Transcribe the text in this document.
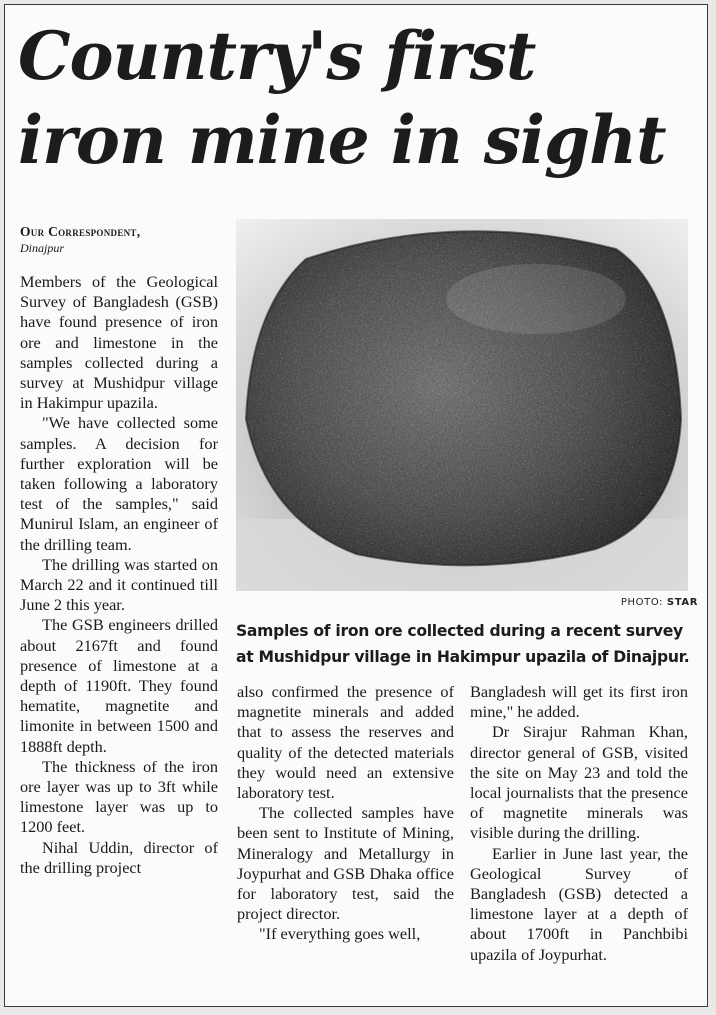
Country's first iron mine in sight
Our Correspondent,
Dinajpur

Members of the Geological Survey of Bangladesh (GSB) have found presence of iron ore and limestone in the samples collected during a survey at Mushidpur village in Hakimpur upazila.

"We have collected some samples. A decision for further exploration will be taken following a laboratory test of the samples," said Munirul Islam, an engineer of the drilling team.

The drilling was started on March 22 and it continued till June 2 this year.

The GSB engineers drilled about 2167ft and found presence of limestone at a depth of 1190ft. They found hematite, magnetite and limonite in between 1500 and 1888ft depth.

The thickness of the iron ore layer was up to 3ft while limestone layer was up to 1200 feet.

Nihal Uddin, director of the drilling project

PHOTO: STAR
Samples of iron ore collected during a recent survey at Mushidpur village in Hakimpur upazila of Dinajpur.

also confirmed the presence of magnetite minerals and added that to assess the reserves and quality of the detected materials they would need an extensive laboratory test.

The collected samples have been sent to Institute of Mining, Mineralogy and Metallurgy in Joypurhat and GSB Dhaka office for laboratory test, said the project director.

"If everything goes well,

Bangladesh will get its first iron mine," he added.

Dr Sirajur Rahman Khan, director general of GSB, visited the site on May 23 and told the local journalists that the presence of magnetite minerals was visible during the drilling.

Earlier in June last year, the Geological Survey of Bangladesh (GSB) detected a limestone layer at a depth of about 1700ft in Panchbibi upazila of Joypurhat.
